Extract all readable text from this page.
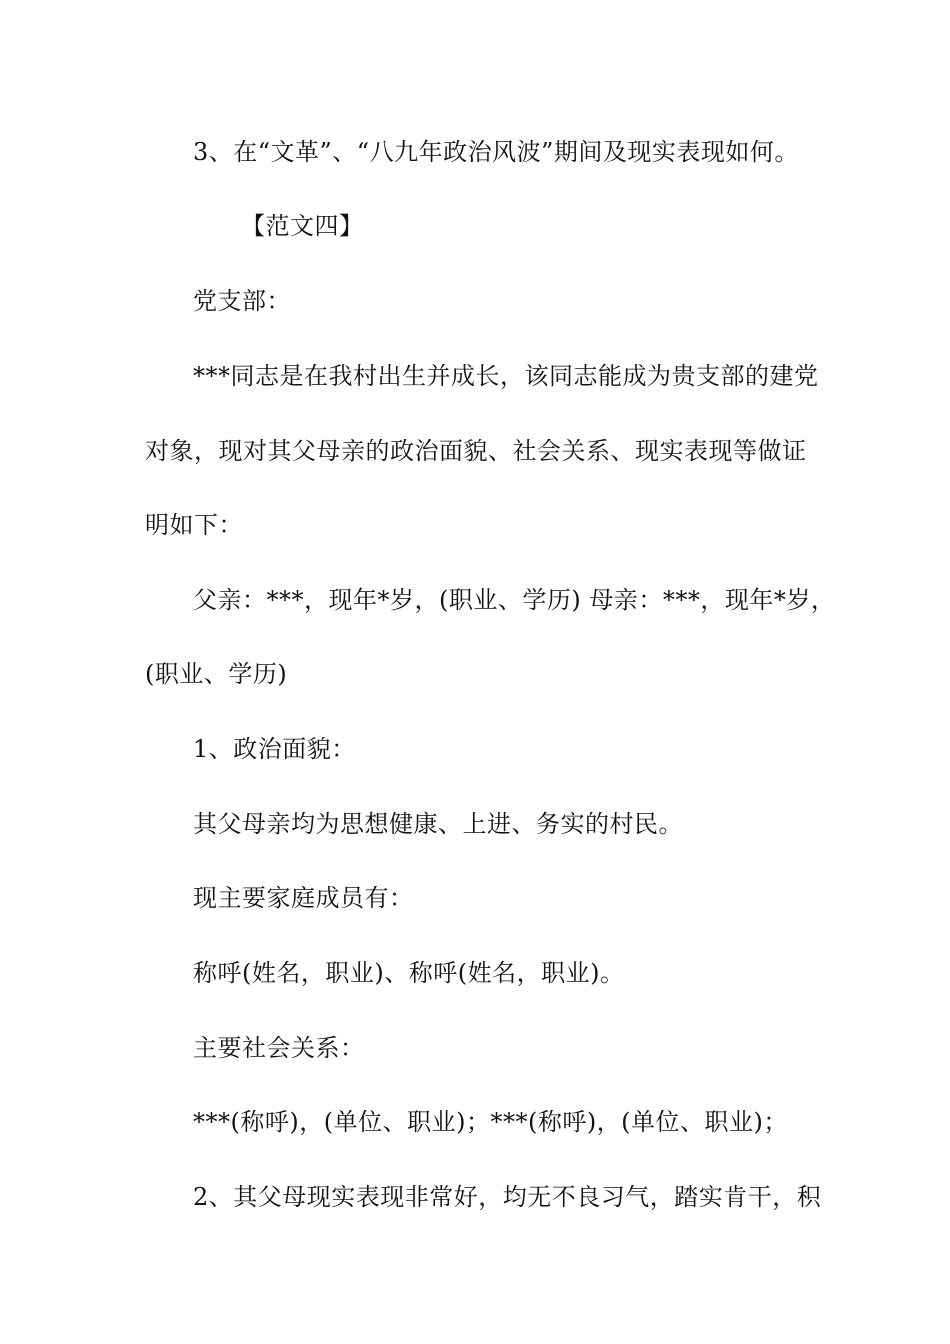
3、在“文革”、“八九年政治风波”期间及现实表现如何。
【范文四】
党支部：
***同志是在我村出生并成长，该同志能成为贵支部的建党
对象，现对其父母亲的政治面貌、社会关系、现实表现等做证
明如下：
父亲：***，现年*岁，(职业、学历) 母亲：***，现年*岁，
(职业、学历)
1、政治面貌：
其父母亲均为思想健康、上进、务实的村民。
现主要家庭成员有：
称呼(姓名，职业)、称呼(姓名，职业)。
主要社会关系：
***(称呼)，(单位、职业)；***(称呼)，(单位、职业)；
2、其父母现实表现非常好，均无不良习气，踏实肯干，积
